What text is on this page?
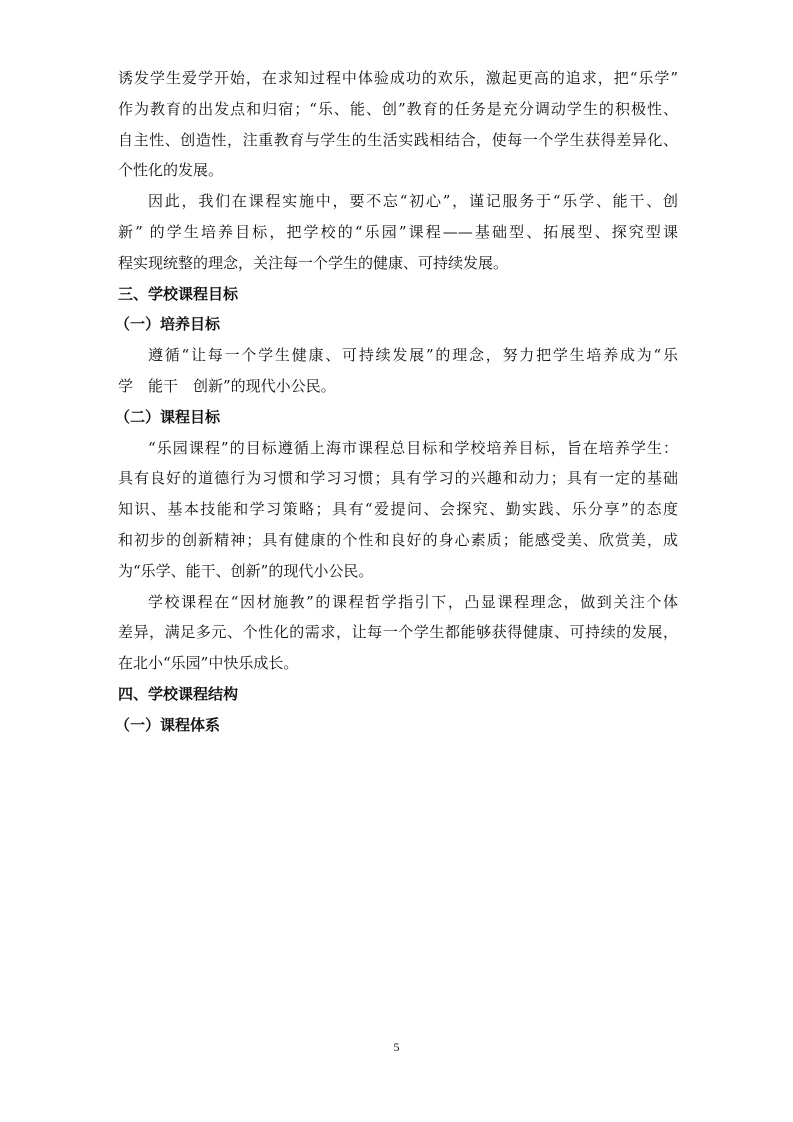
诱发学生爱学开始，在求知过程中体验成功的欢乐，激起更高的追求，把“乐学”
作为教育的出发点和归宿；“乐、能、创”教育的任务是充分调动学生的积极性、
自主性、创造性，注重教育与学生的生活实践相结合，使每一个学生获得差异化、
个性化的发展。
因此，我们在课程实施中，要不忘“初心”，谨记服务于“乐学、能干、创
新” 的学生培养目标，把学校的“乐园”课程——基础型、拓展型、探究型课
程实现统整的理念，关注每一个学生的健康、可持续发展。
三、学校课程目标
（一）培养目标
遵循“让每一个学生健康、可持续发展”的理念，努力把学生培养成为“乐
学　能干　创新”的现代小公民。
（二）课程目标
“乐园课程”的目标遵循上海市课程总目标和学校培养目标，旨在培养学生：
具有良好的道德行为习惯和学习习惯；具有学习的兴趣和动力；具有一定的基础
知识、基本技能和学习策略；具有“爱提问、会探究、勤实践、乐分享”的态度
和初步的创新精神；具有健康的个性和良好的身心素质；能感受美、欣赏美，成
为“乐学、能干、创新”的现代小公民。
学校课程在“因材施教”的课程哲学指引下，凸显课程理念，做到关注个体
差异，满足多元、个性化的需求，让每一个学生都能够获得健康、可持续的发展，
在北小“乐园”中快乐成长。
四、学校课程结构
（一）课程体系
5
